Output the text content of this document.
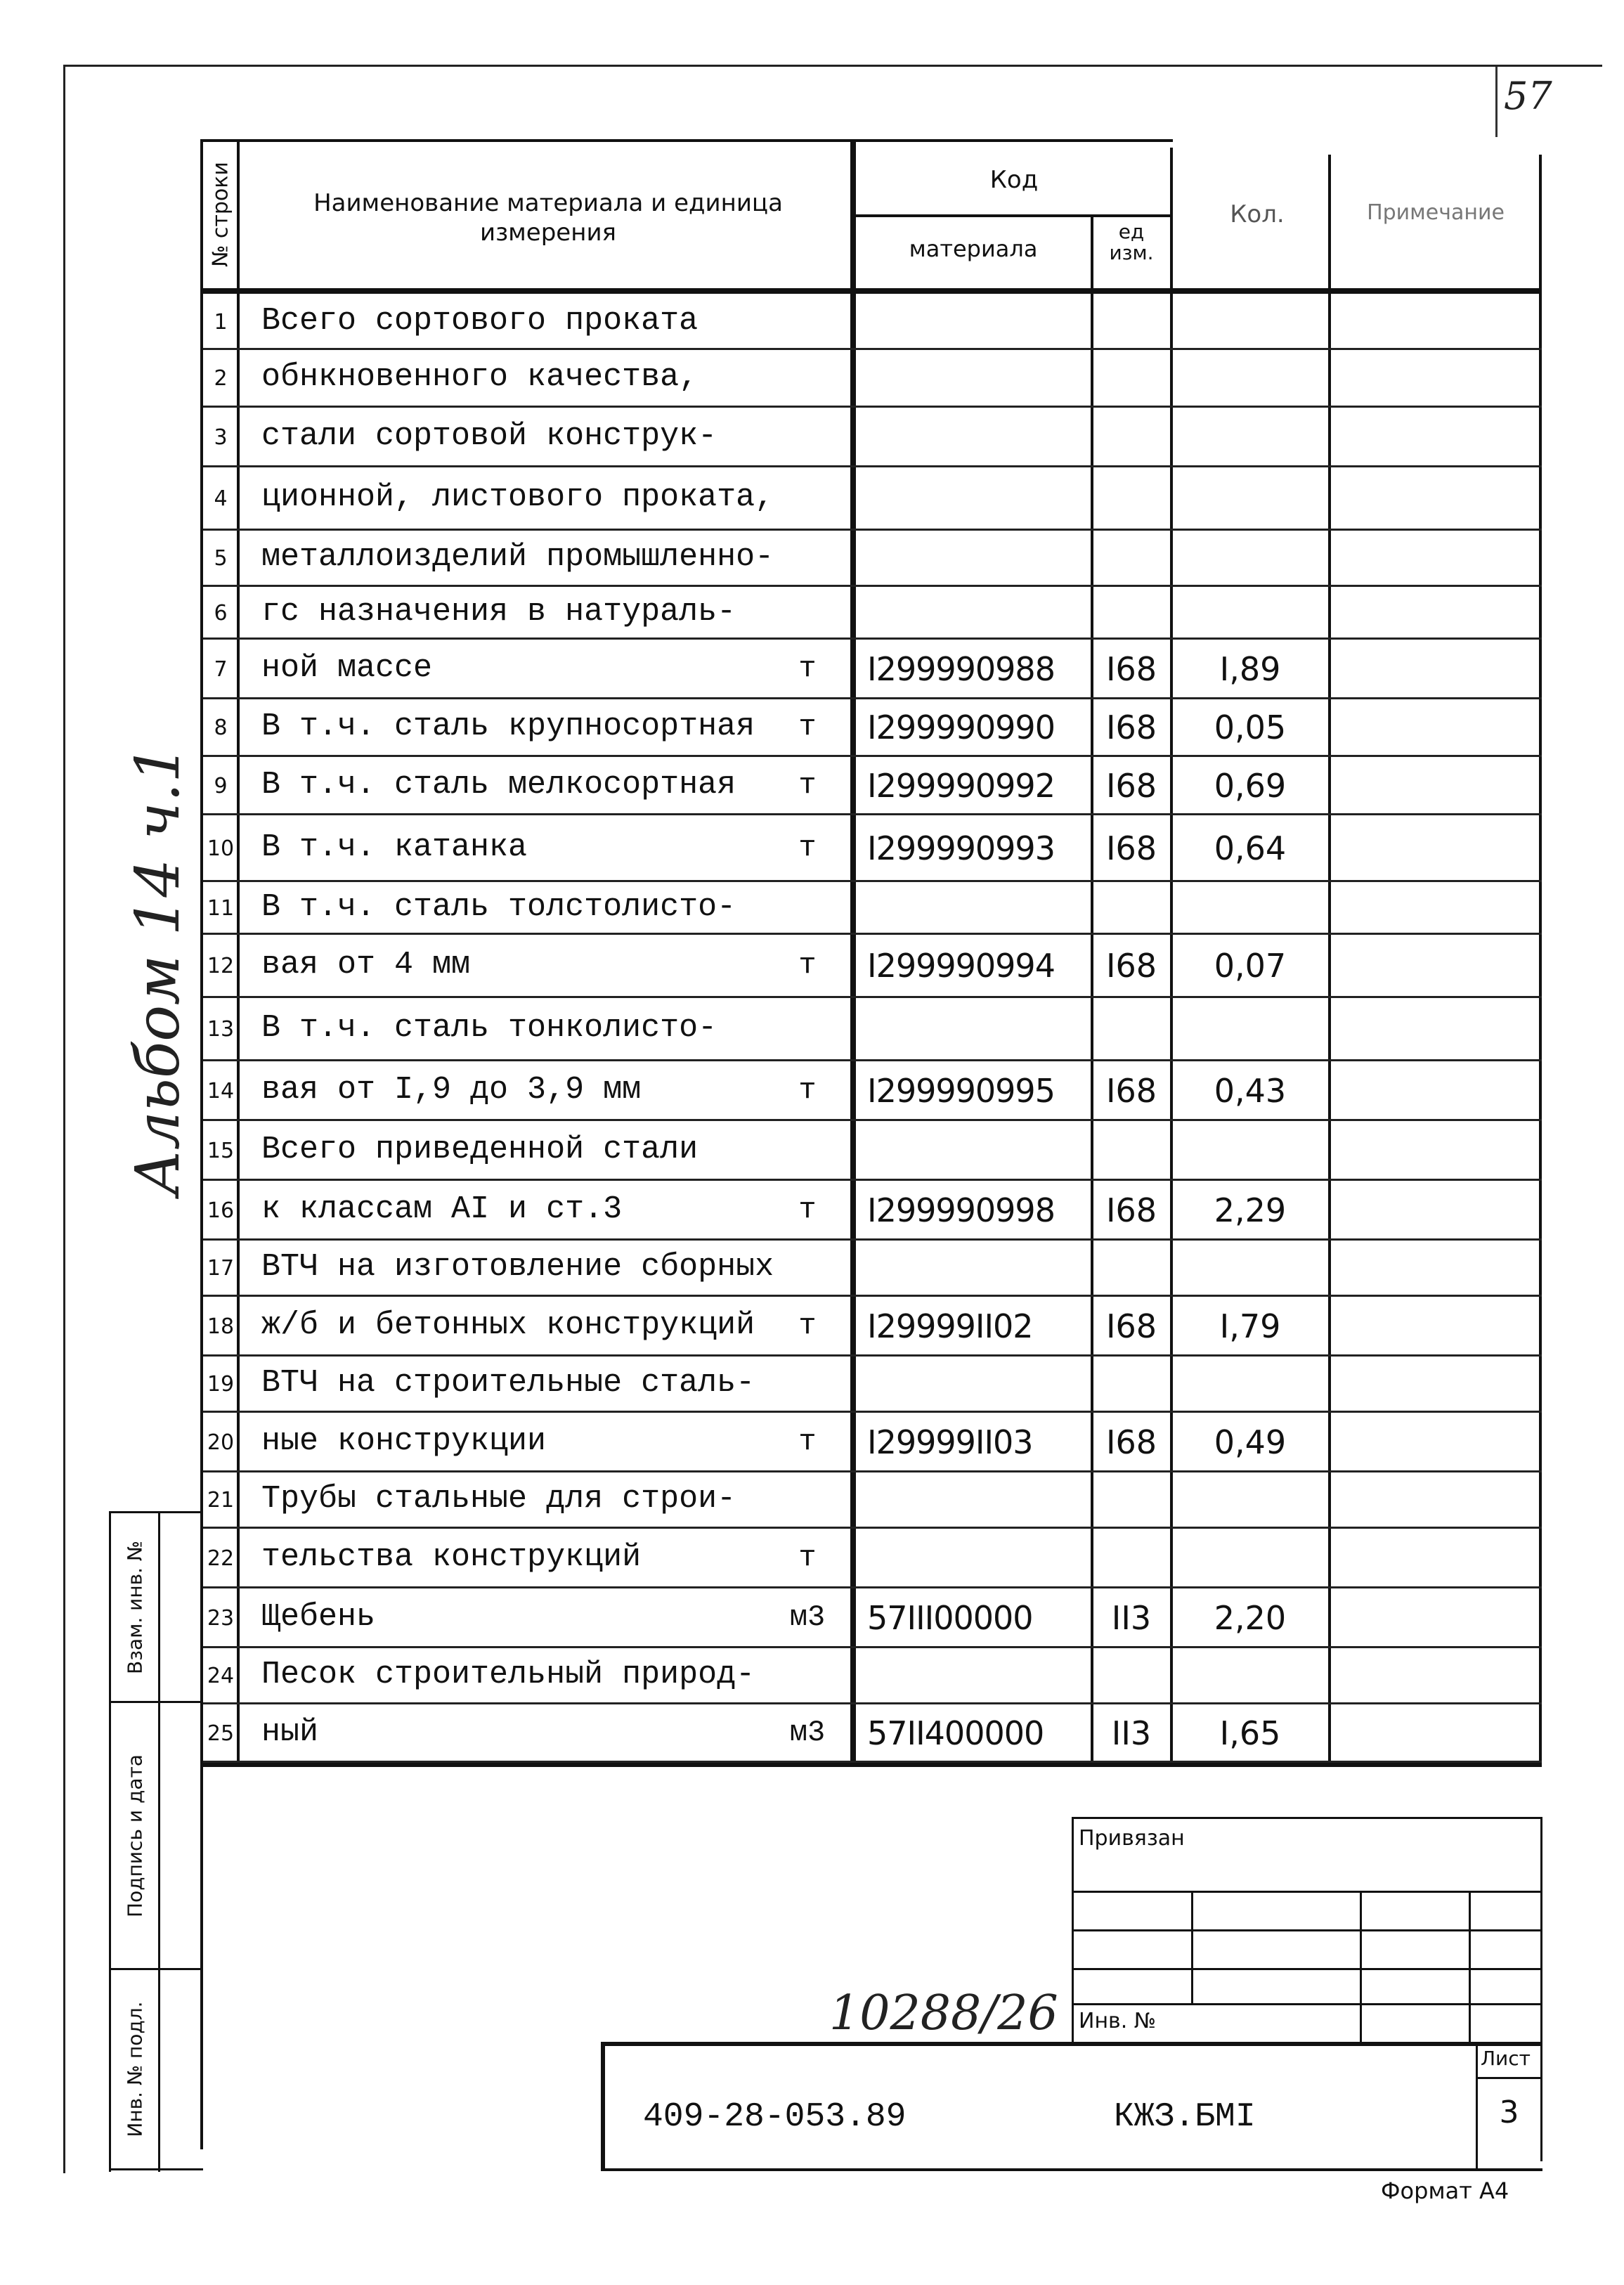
57
№ строки	Наименование материала и единица измерения
Код
материала
ед изм.
Кол.	Примечание
1 Всего сортового проката
2 обнкновенного качества,
3 стали сортовой конструк-
4 ционной, листового проката,
5 металлоизделий промышленно-
6 гс назначения в натураль-
7 ной массе	т	I299990988	I68	I,89
8 В т.ч. сталь крупносортная	т	I299990990	I68	0,05
9 В т.ч. сталь мелкосортная	т	I299990992	I68	0,69
10 В т.ч. катанка	т	I299990993	I68	0,64
11 В т.ч. сталь толстолисто-
12 вая от 4 мм	т	I299990994	I68	0,07
13 В т.ч. сталь тонколисто-
14 вая от I,9 до 3,9 мм	т	I299990995	I68	0,43
15 Всего приведенной стали
16 к классам AI и ст.3	т	I299990998	I68	2,29
17 ВТЧ на изготовление сборных
18 ж/б и бетонных конструкций	т	I29999II02	I68	I,79
19 ВТЧ на строительные сталь-
20 ные конструкции	т	I29999II03	I68	0,49
21 Трубы стальные для строи-
22 тельства конструкций	т
23 Щебень	м3 57III00000	II3	2,20
24 Песок строительный природ-
25 ный	м3 57II400000	II3	I,65
Альбом 14 ч.1
Взам. инв. №
Подпись и дата
Инв. № подл.
Привязан
Инв. №
Лист
3
409-28-053.89	КЖЗ.БМI
10288/26
Формат А4
